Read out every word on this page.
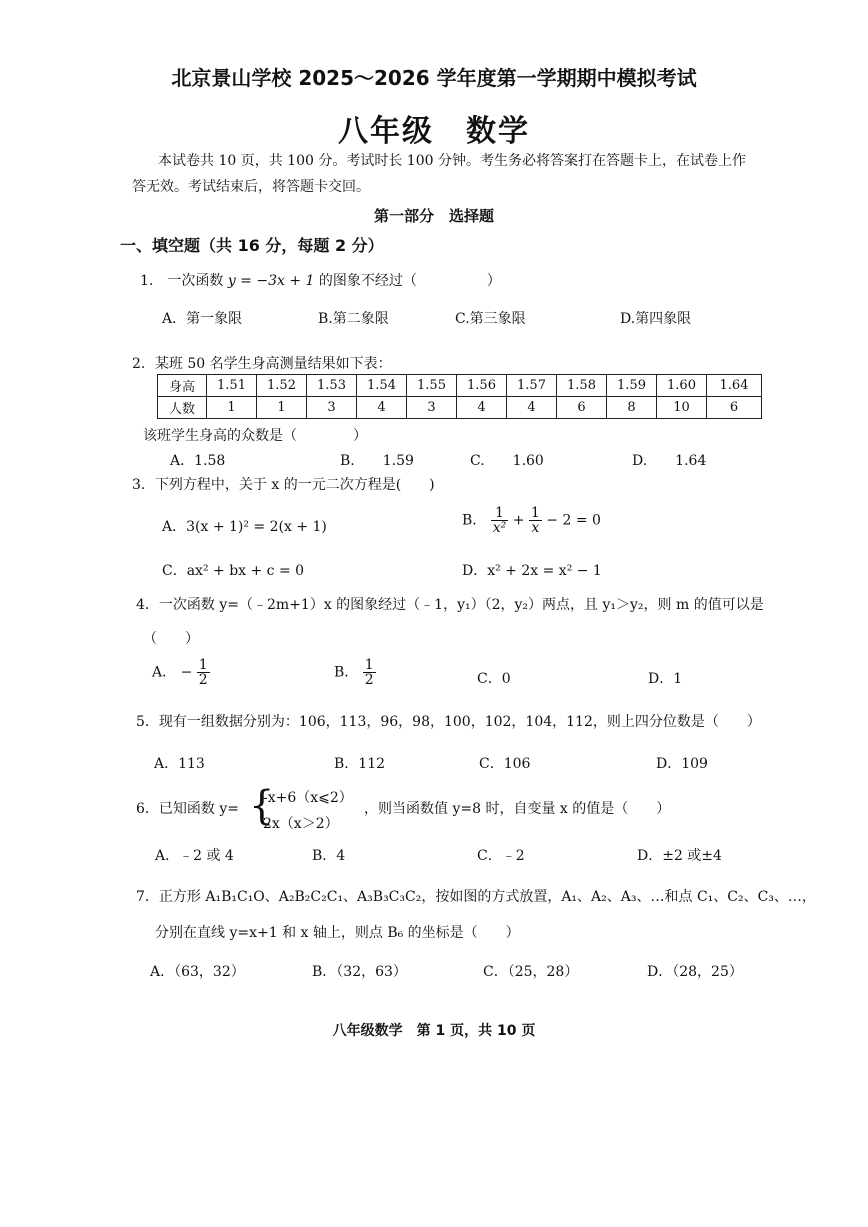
北京景山学校 2025～2026 学年度第一学期期中模拟考试
八年级　数学
本试卷共 10 页，共 100 分。考试时长 100 分钟。考生务必将答案打在答题卡上，在试卷上作
答无效。考试结束后，将答题卡交回。
第一部分　选择题
一、填空题（共 16 分，每题 2 分）
1.　一次函数 y = −3x + 1 的图象不经过（　　　　　）
A．第一象限	B.第二象限	C.第三象限	D.第四象限
2．某班 50 名学生身高测量结果如下表：
身高	1.51	1.52	1.53	1.54	1.55	1.56	1.57	1.58	1.59	1.60	1.64
人数	1	1	3	4	3	4	4	6	8	10	6
该班学生身高的众数是（　　　　）
A．1.58	B.　　1.59	C.　　1.60	D.　　1.64
3．下列方程中，关于 x 的一元二次方程是(　　)
A．3(x + 1)² = 2(x + 1)	B． $\frac{1}{\text{x²}} + \frac{1}{x} - 2 = 0$
C．ax² + bx + c = 0	D．x² + 2x = x² − 1
4．一次函数 y=（﹣2m+1）x 的图象经过（﹣1，y₁）（2，y₂）两点，且 y₁＞y₂，则 m 的值可以是
（　　）
A． − $\frac{1}{2}$	B． $\frac{1}{2}$	C．0	D．1
5．现有一组数据分别为：106，113，96，98，100，102，104，112，则上四分位数是（　　）
A．113	B．112	C．106	D．109
6．已知函数 y= {
-x+6（x⩽2）
2x（x＞2）
，则当函数值 y=8 时，自变量 x 的值是（　　）
A．﹣2 或 4	B．4	C．﹣2	D．±2 或±4
7．正方形 A₁B₁C₁O、A₂B₂C₂C₁、A₃B₃C₃C₂，按如图的方式放置，A₁、A₂、A₃、…和点 C₁、C₂、C₃、…，
分别在直线 y=x+1 和 x 轴上，则点 B₆ 的坐标是（　　）
A．（63，32）	B．（32，63）	C．（25，28）	D．（28，25）
八年级数学　第 1 页，共 10 页
